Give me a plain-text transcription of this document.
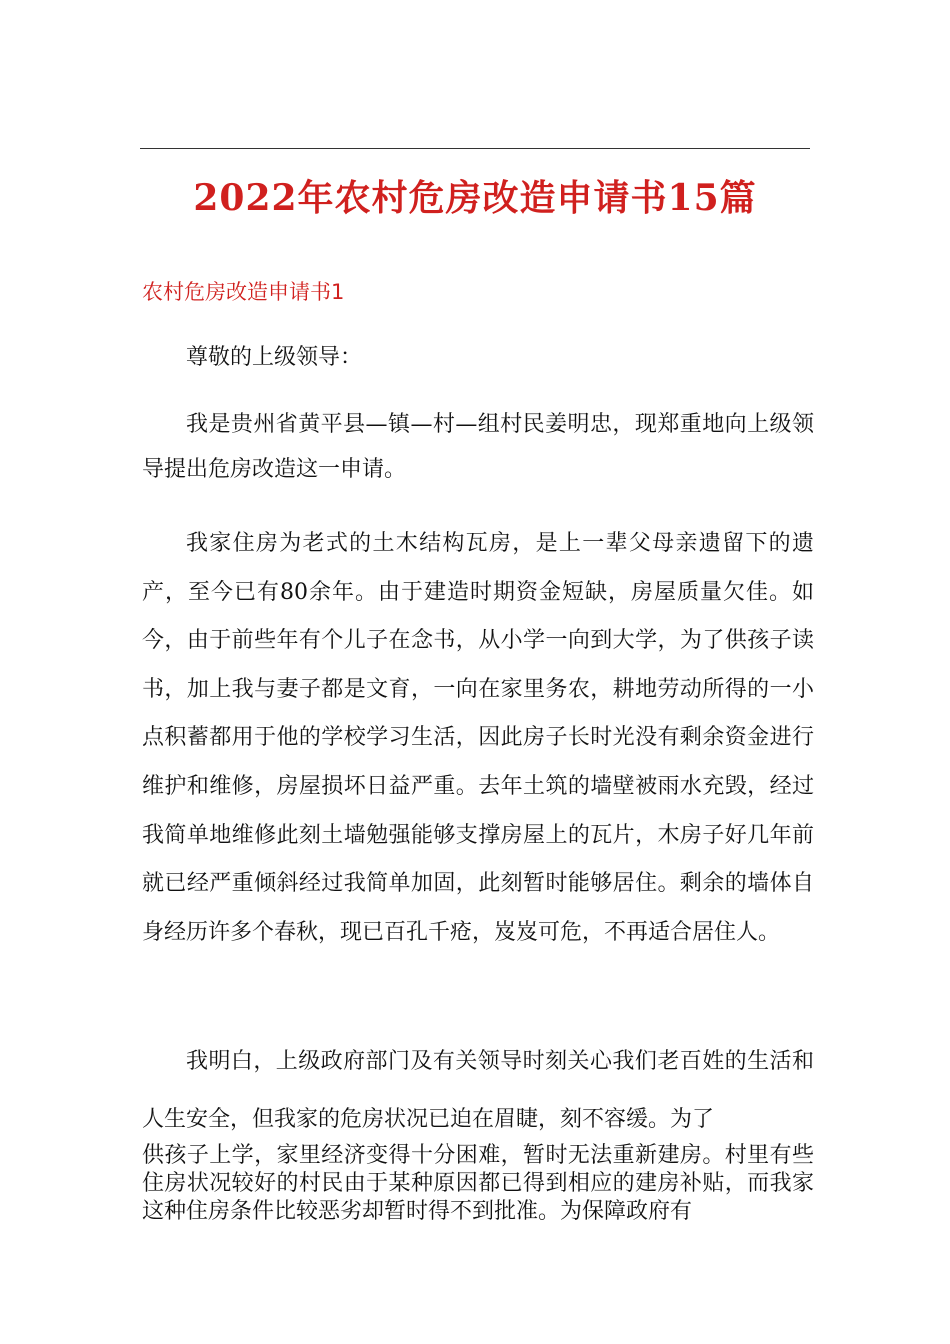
2022年农村危房改造申请书15篇
农村危房改造申请书1

尊敬的上级领导：

我是贵州省黄平县—镇—村—组村民姜明忠，现郑重地向上级领导提出危房改造这一申请。

我家住房为老式的土木结构瓦房，是上一辈父母亲遗留下的遗产，至今已有80余年。由于建造时期资金短缺，房屋质量欠佳。如今，由于前些年有个儿子在念书，从小学一向到大学，为了供孩子读书，加上我与妻子都是文育，一向在家里务农，耕地劳动所得的一小点积蓄都用于他的学校学习生活，因此房子长时光没有剩余资金进行维护和维修，房屋损坏日益严重。去年土筑的墙壁被雨水充毁，经过我简单地维修此刻土墙勉强能够支撑房屋上的瓦片，木房子好几年前就已经严重倾斜经过我简单加固，此刻暂时能够居住。剩余的墙体自身经历许多个春秋，现已百孔千疮，岌岌可危，不再适合居住人。

我明白，上级政府部门及有关领导时刻关心我们老百姓的生活和人生安全，但我家的危房状况已迫在眉睫，刻不容缓。为了

供孩子上学，家里经济变得十分困难，暂时无法重新建房。村里有些住房状况较好的村民由于某种原因都已得到相应的建房补贴，而我家这种住房条件比较恶劣却暂时得不到批准。为保障政府有
